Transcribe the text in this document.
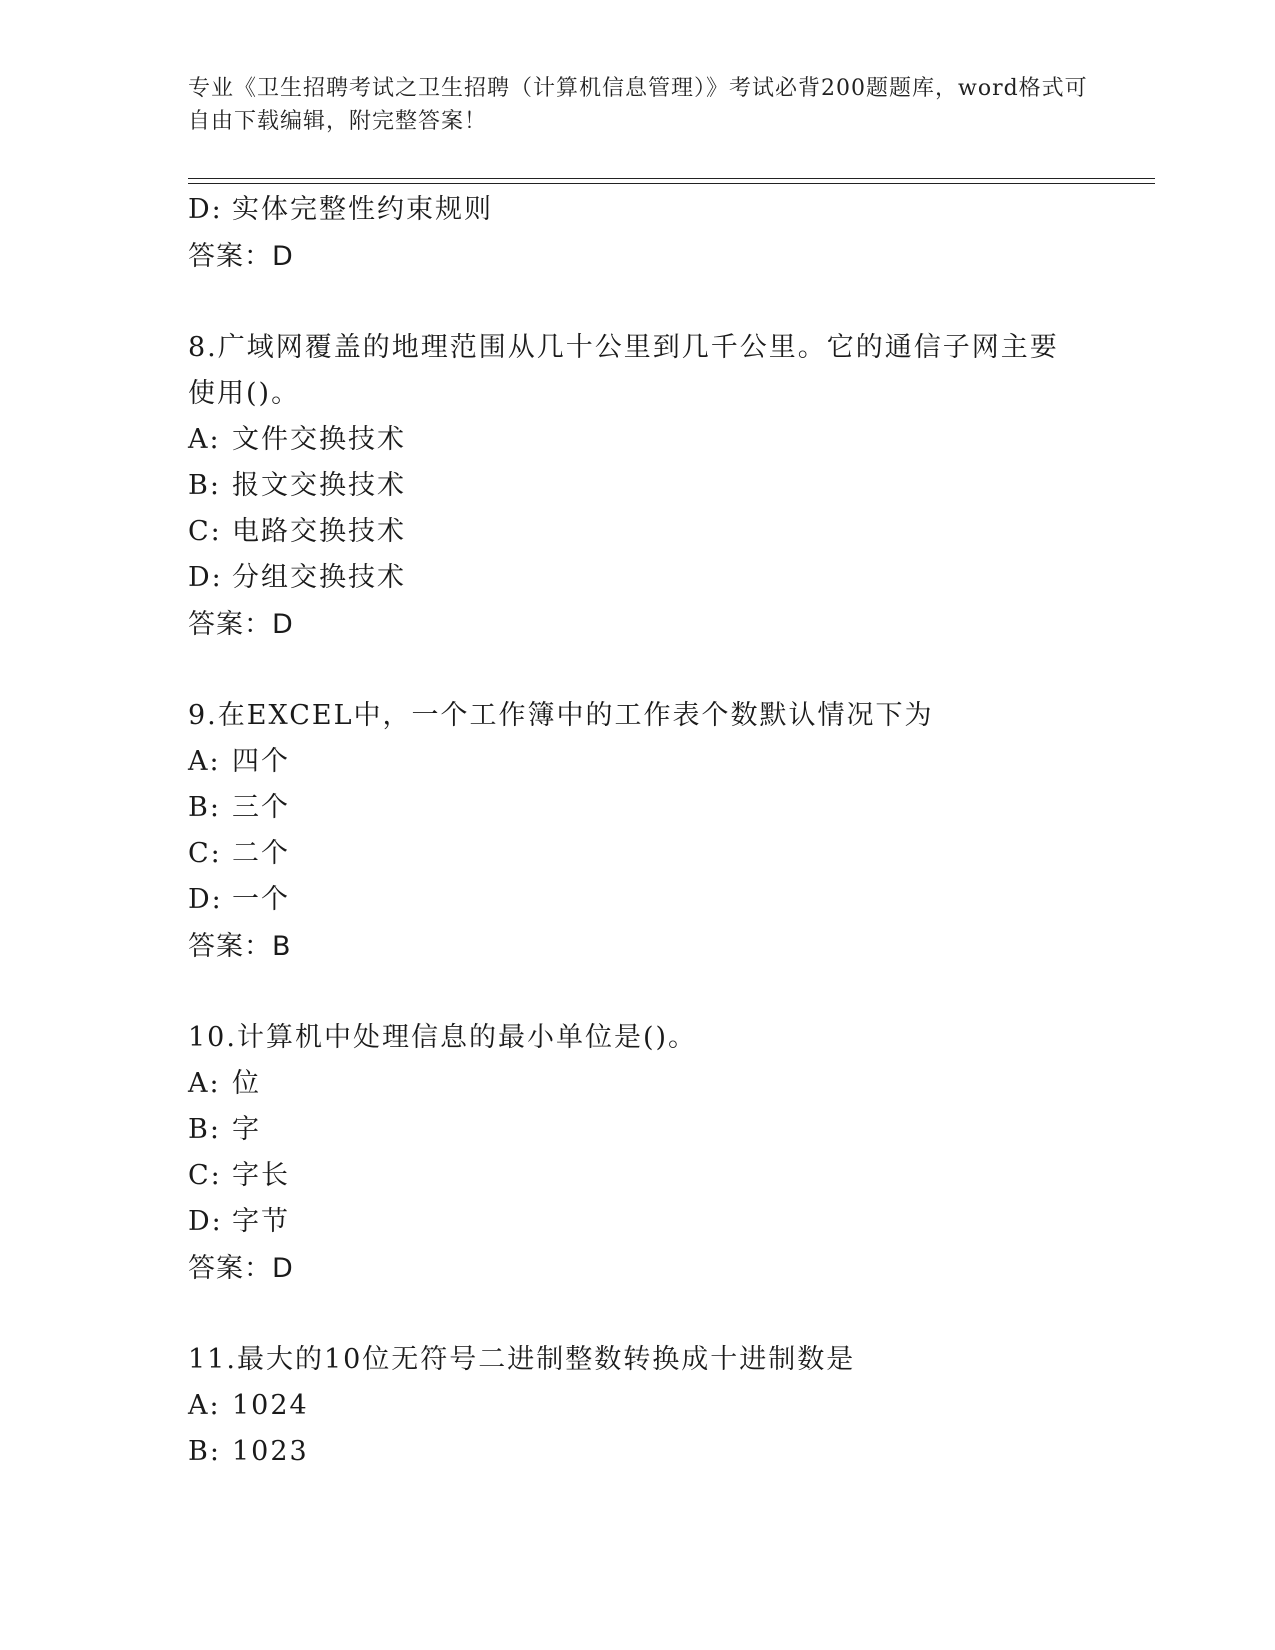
专业《卫生招聘考试之卫生招聘（计算机信息管理）》考试必背200题题库，word格式可自由下载编辑，附完整答案！
D: 实体完整性约束规则
答案：D
8.广域网覆盖的地理范围从几十公里到几千公里。它的通信子网主要使用()。
A: 文件交换技术
B: 报文交换技术
C: 电路交换技术
D: 分组交换技术
答案：D
9.在EXCEL中，一个工作簿中的工作表个数默认情况下为
A: 四个
B: 三个
C: 二个
D: 一个
答案：B
10.计算机中处理信息的最小单位是()。
A: 位
B: 字
C: 字长
D: 字节
答案：D
11.最大的10位无符号二进制整数转换成十进制数是
A: 1024
B: 1023
